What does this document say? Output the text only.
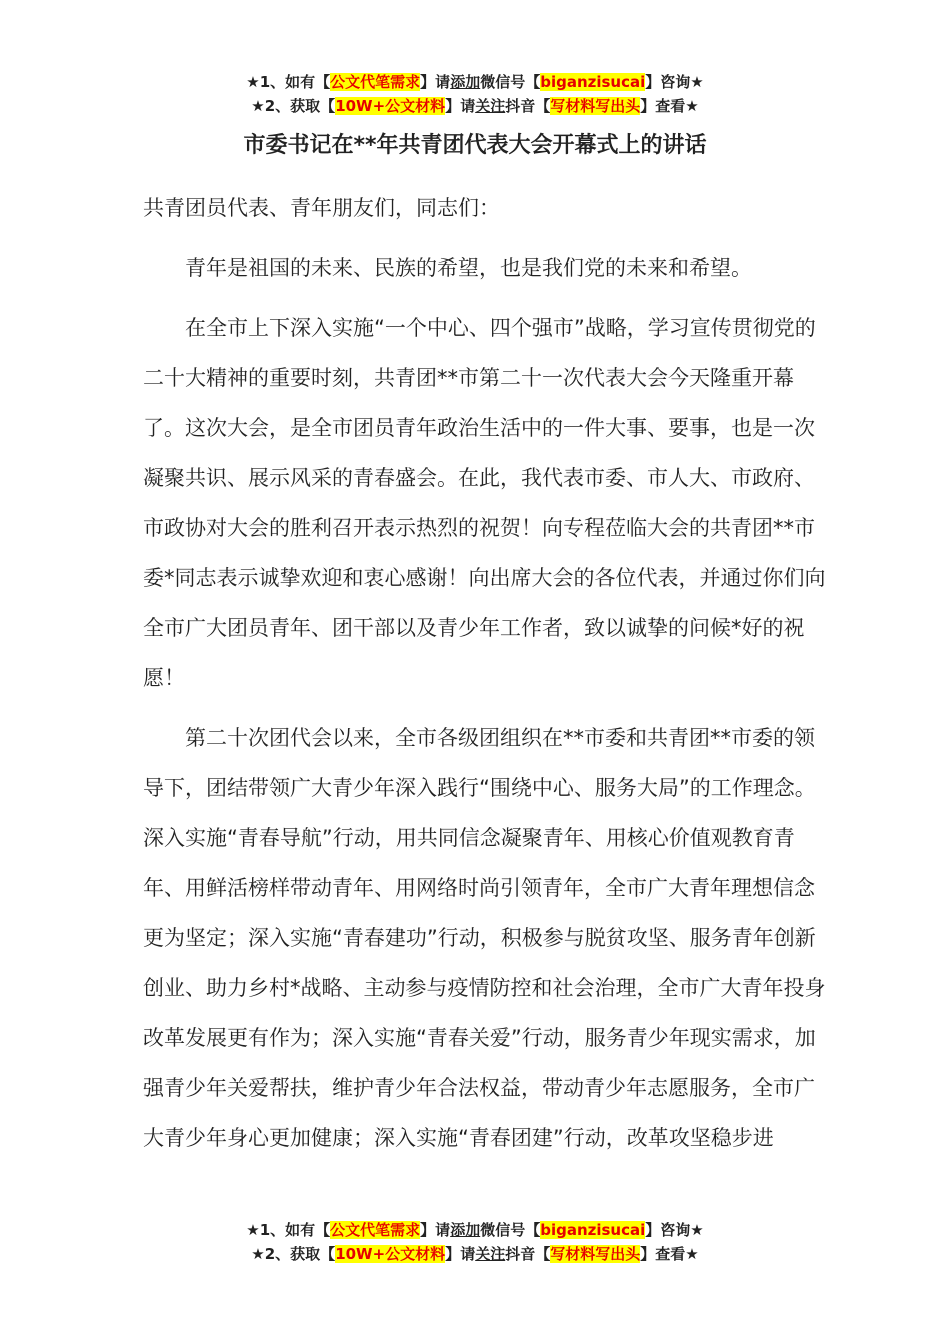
★1、如有【公文代笔需求】请添加微信号【biganzisucai】咨询★
★2、获取【10W+公文材料】请关注抖音【写材料写出头】查看★
市委书记在**年共青团代表大会开幕式上的讲话

共青团员代表、青年朋友们，同志们：

青年是祖国的未来、民族的希望，也是我们党的未来和希望。

在全市上下深入实施“一个中心、四个强市”战略，学习宣传贯彻党的二十大精神的重要时刻，共青团**市第二十一次代表大会今天隆重开幕了。这次大会，是全市团员青年政治生活中的一件大事、要事，也是一次凝聚共识、展示风采的青春盛会。在此，我代表市委、市人大、市政府、市政协对大会的胜利召开表示热烈的祝贺！向专程莅临大会的共青团**市委*同志表示诚挚欢迎和衷心感谢！向出席大会的各位代表，并通过你们向全市广大团员青年、团干部以及青少年工作者，致以诚挚的问候*好的祝愿！

第二十次团代会以来，全市各级团组织在**市委和共青团**市委的领导下，团结带领广大青少年深入践行“围绕中心、服务大局”的工作理念。深入实施“青春导航”行动，用共同信念凝聚青年、用核心价值观教育青年、用鲜活榜样带动青年、用网络时尚引领青年，全市广大青年理想信念更为坚定；深入实施“青春建功”行动，积极参与脱贫攻坚、服务青年创新创业、助力乡村*战略、主动参与疫情防控和社会治理，全市广大青年投身改革发展更有作为；深入实施“青春关爱”行动，服务青少年现实需求，加强青少年关爱帮扶，维护青少年合法权益，带动青少年志愿服务，全市广大青少年身心更加健康；深入实施“青春团建”行动，改革攻坚稳步进

★1、如有【公文代笔需求】请添加微信号【biganzisucai】咨询★
★2、获取【10W+公文材料】请关注抖音【写材料写出头】查看★
